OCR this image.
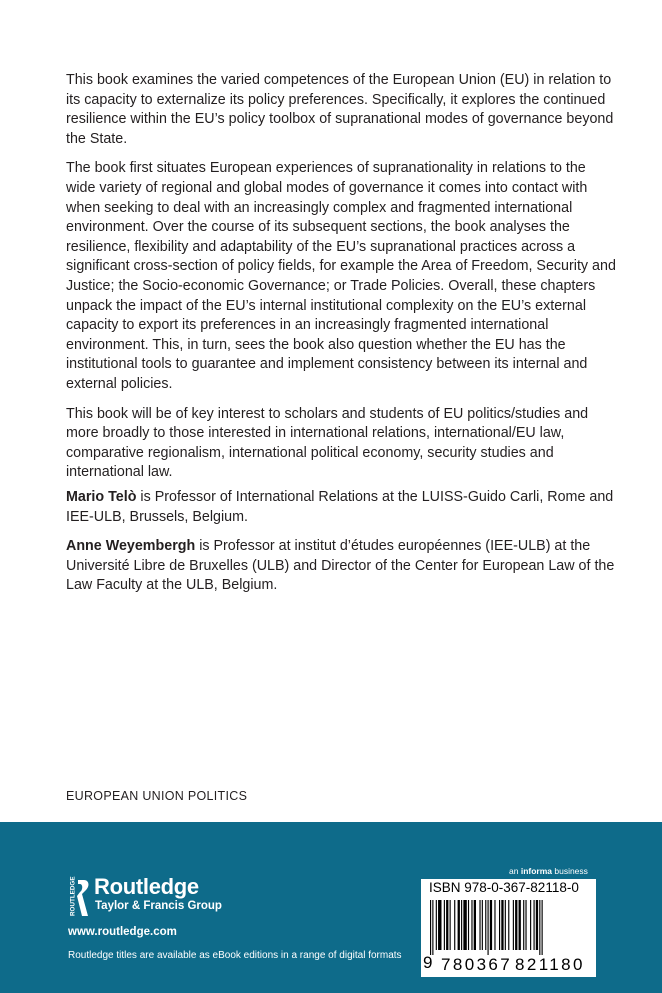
This book examines the varied competences of the European Union (EU) in relation to its capacity to externalize its policy preferences. Specifically, it explores the continued resilience within the EU’s policy toolbox of supranational modes of governance beyond the State.

The book first situates European experiences of supranationality in relations to the wide variety of regional and global modes of governance it comes into contact with when seeking to deal with an increasingly complex and fragmented international environment. Over the course of its subsequent sections, the book analyses the resilience, flexibility and adaptability of the EU’s supranational practices across a significant cross-section of policy fields, for example the Area of Freedom, Security and Justice; the Socio-economic Governance; or Trade Policies. Overall, these chapters unpack the impact of the EU’s internal institutional complexity on the EU’s external capacity to export its preferences in an increasingly fragmented international environment. This, in turn, sees the book also question whether the EU has the institutional tools to guarantee and implement consistency between its internal and external policies.

This book will be of key interest to scholars and students of EU politics/studies and more broadly to those interested in international relations, international/EU law, comparative regionalism, international political economy, security studies and international law.

Mario Telò is Professor of International Relations at the LUISS-Guido Carli, Rome and IEE-ULB, Brussels, Belgium.

Anne Weyembergh is Professor at institut d’études européennes (IEE-ULB) at the Université Libre de Bruxelles (ULB) and Director of the Center for European Law of the Law Faculty at the ULB, Belgium.

EUROPEAN UNION POLITICS
ROUTLEDGE Routledge
Taylor & Francis Group
www.routledge.com
Routledge titles are available as eBook editions in a range of digital formats
an informa business
ISBN 978-0-367-82118-0
9 780367 821180
